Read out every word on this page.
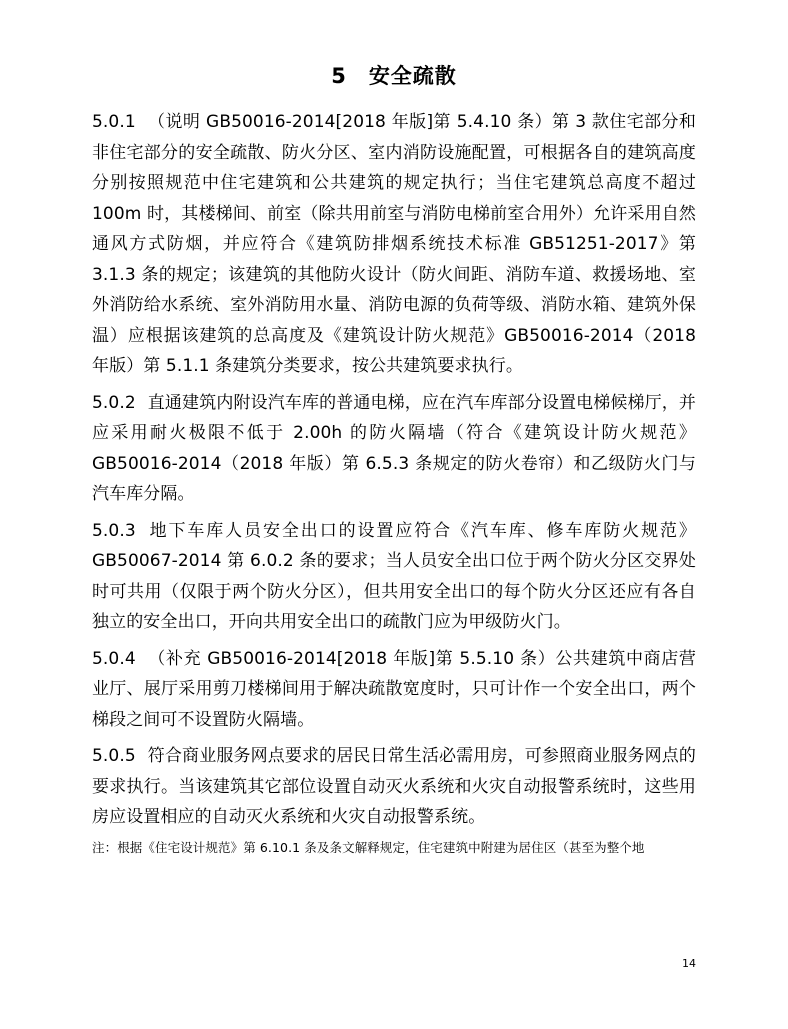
5 安全疏散

5.0.1 （说明 GB50016-2014[2018 年版]第 5.4.10 条）第 3 款住宅部分和非住宅部分的安全疏散、防火分区、室内消防设施配置，可根据各自的建筑高度分别按照规范中住宅建筑和公共建筑的规定执行；当住宅建筑总高度不超过 100m 时，其楼梯间、前室（除共用前室与消防电梯前室合用外）允许采用自然通风方式防烟，并应符合《建筑防排烟系统技术标准 GB51251-2017》第 3.1.3 条的规定；该建筑的其他防火设计（防火间距、消防车道、救援场地、室外消防给水系统、室外消防用水量、消防电源的负荷等级、消防水箱、建筑外保温）应根据该建筑的总高度及《建筑设计防火规范》GB50016-2014（2018 年版）第 5.1.1 条建筑分类要求，按公共建筑要求执行。

5.0.2 直通建筑内附设汽车库的普通电梯，应在汽车库部分设置电梯候梯厅，并应采用耐火极限不低于 2.00h 的防火隔墙（符合《建筑设计防火规范》GB50016-2014（2018 年版）第 6.5.3 条规定的防火卷帘）和乙级防火门与汽车库分隔。

5.0.3 地下车库人员安全出口的设置应符合《汽车库、修车库防火规范》GB50067-2014 第 6.0.2 条的要求；当人员安全出口位于两个防火分区交界处时可共用（仅限于两个防火分区），但共用安全出口的每个防火分区还应有各自独立的安全出口，开向共用安全出口的疏散门应为甲级防火门。

5.0.4 （补充 GB50016-2014[2018 年版]第 5.5.10 条）公共建筑中商店营业厅、展厅采用剪刀楼梯间用于解决疏散宽度时，只可计作一个安全出口，两个梯段之间可不设置防火隔墙。

5.0.5 符合商业服务网点要求的居民日常生活必需用房，可参照商业服务网点的要求执行。当该建筑其它部位设置自动灭火系统和火灾自动报警系统时，这些用房应设置相应的自动灭火系统和火灾自动报警系统。

注：根据《住宅设计规范》第 6.10.1 条及条文解释规定，住宅建筑中附建为居住区（甚至为整个地
14
